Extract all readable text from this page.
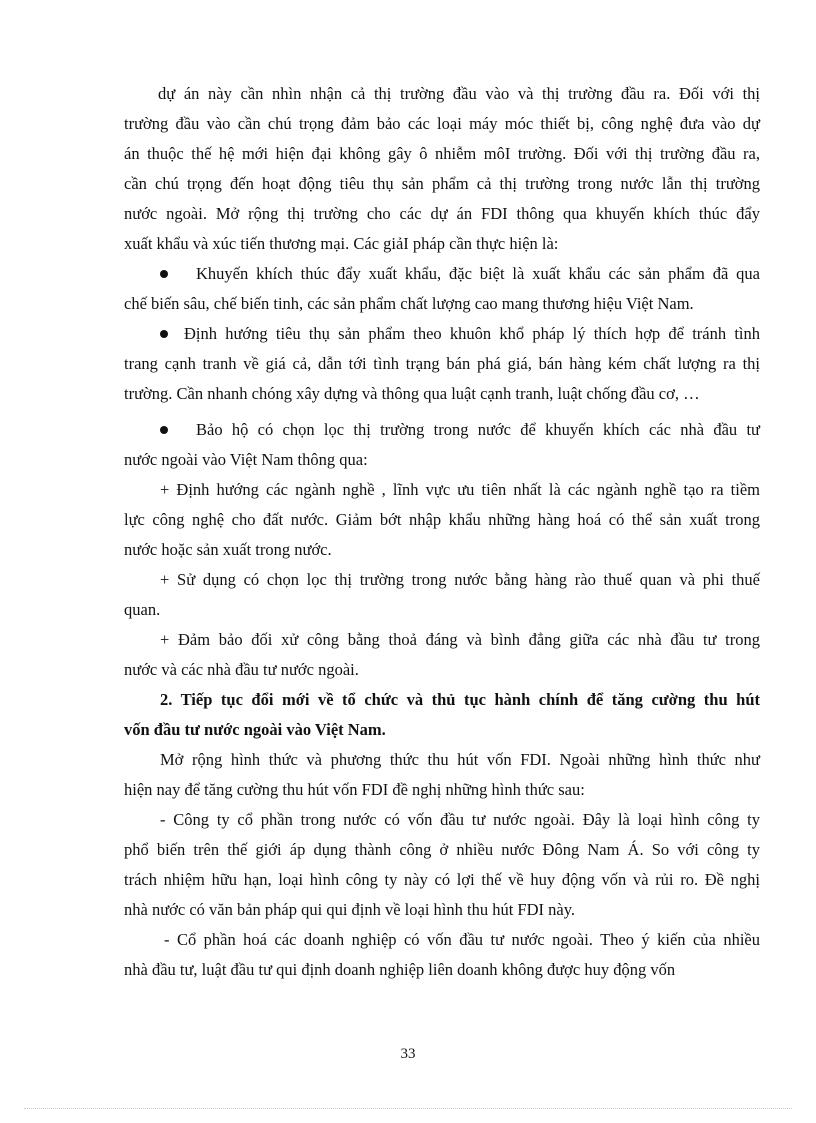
dự án này cần nhìn nhận cả thị trường đầu vào và thị trường đầu ra. Đối với thị
trường đầu vào cần chú trọng đảm bảo các loại máy móc thiết bị, công nghệ đưa vào dự
án thuộc thế hệ mới hiện đại không gây ô nhiễm môI trường. Đối với thị trường đầu ra,
cần chú trọng đến hoạt động tiêu thụ sản phẩm cả thị trường trong nước lẫn thị trường
nước ngoài. Mở rộng thị trường cho các dự án FDI thông qua khuyến khích thúc đẩy
xuất khẩu và xúc tiến thương mại. Các giảI pháp cần thực hiện là:
Khuyến khích thúc đẩy xuất khẩu, đặc biệt là xuất khẩu các sản phẩm đã qua
chế biến sâu, chế biến tinh, các sản phẩm chất lượng cao mang thương hiệu Việt Nam.
Định hướng tiêu thụ sản phẩm theo khuôn khổ pháp lý thích hợp để tránh tình
trang cạnh tranh về giá cả, dẫn tới tình trạng bán phá giá, bán hàng kém chất lượng ra thị
trường. Cần nhanh chóng xây dựng và thông qua luật cạnh tranh, luật chống đầu cơ, …
Bảo hộ có chọn lọc thị trường trong nước để khuyến khích các nhà đầu tư
nước ngoài vào Việt Nam thông qua:
+ Định hướng các ngành nghề , lĩnh vực ưu tiên nhất là các ngành nghề tạo ra tiềm
lực công nghệ cho đất nước. Giảm bớt nhập khẩu những hàng hoá có thể sản xuất trong
nước hoặc sản xuất trong nước.
+ Sử dụng có chọn lọc thị trường trong nước bằng hàng rào thuế quan và phi thuế
quan.
+ Đảm bảo đối xử công bằng thoả đáng và bình đẳng giữa các nhà đầu tư trong
nước và các nhà đầu tư nước ngoài.
2. Tiếp tục đổi mới về tổ chức và thủ tục hành chính để tăng cường thu hút
vốn đầu tư nước ngoài vào Việt Nam.
Mở rộng hình thức và phương thức thu hút vốn FDI. Ngoài những hình thức như
hiện nay để tăng cường thu hút vốn FDI đề nghị những hình thức sau:
- Công ty cổ phần trong nước có vốn đầu tư nước ngoài. Đây là loại hình công ty
phổ biến trên thế giới áp dụng thành công ở nhiều nước Đông Nam Á. So với công ty
trách nhiệm hữu hạn, loại hình công ty này có lợi thế về huy động vốn và rủi ro. Đề nghị
nhà nước có văn bản pháp qui qui định về loại hình thu hút FDI này.
- Cổ phần hoá các doanh nghiệp có vốn đầu tư nước ngoài. Theo ý kiến của nhiều
nhà đầu tư, luật đầu tư qui định doanh nghiệp liên doanh không được huy động vốn
33
